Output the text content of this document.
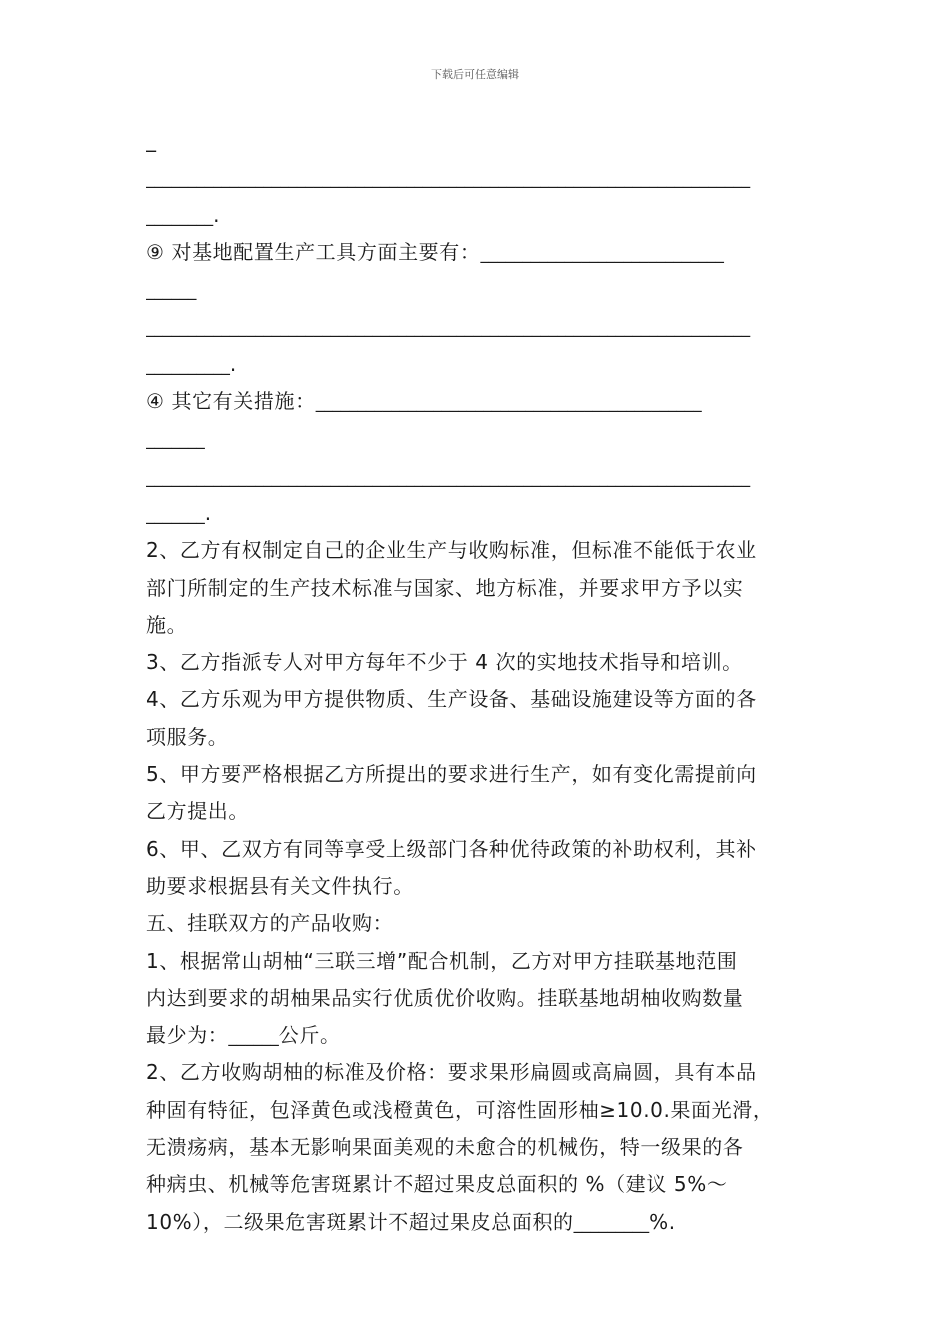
下载后可任意编辑
_
________________________________________________________________________
________.
⑨ 对基地配置生产工具方面主要有：_____________________________
______
________________________________________________________________________
__________.
④ 其它有关措施：______________________________________________
_______
________________________________________________________________________
_______.
2、乙方有权制定自己的企业生产与收购标准，但标准不能低于农业
部门所制定的生产技术标准与国家、地方标准，并要求甲方予以实
施。
3、乙方指派专人对甲方每年不少于 4 次的实地技术指导和培训。
4、乙方乐观为甲方提供物质、生产设备、基础设施建设等方面的各
项服务。
5、甲方要严格根据乙方所提出的要求进行生产，如有变化需提前向
乙方提出。
6、甲、乙双方有同等享受上级部门各种优待政策的补助权利，其补
助要求根据县有关文件执行。
五、挂联双方的产品收购：
1、根据常山胡柚“三联三增”配合机制，乙方对甲方挂联基地范围
内达到要求的胡柚果品实行优质优价收购。挂联基地胡柚收购数量
最少为：______公斤。
2、乙方收购胡柚的标准及价格：要求果形扁圆或高扁圆，具有本品
种固有特征，包泽黄色或浅橙黄色，可溶性固形柚≥10.0.果面光滑，
无溃疡病，基本无影响果面美观的未愈合的机械伤，特一级果的各
种病虫、机械等危害斑累计不超过果皮总面积的 %（建议 5%～
10%），二级果危害斑累计不超过果皮总面积的_________%.
